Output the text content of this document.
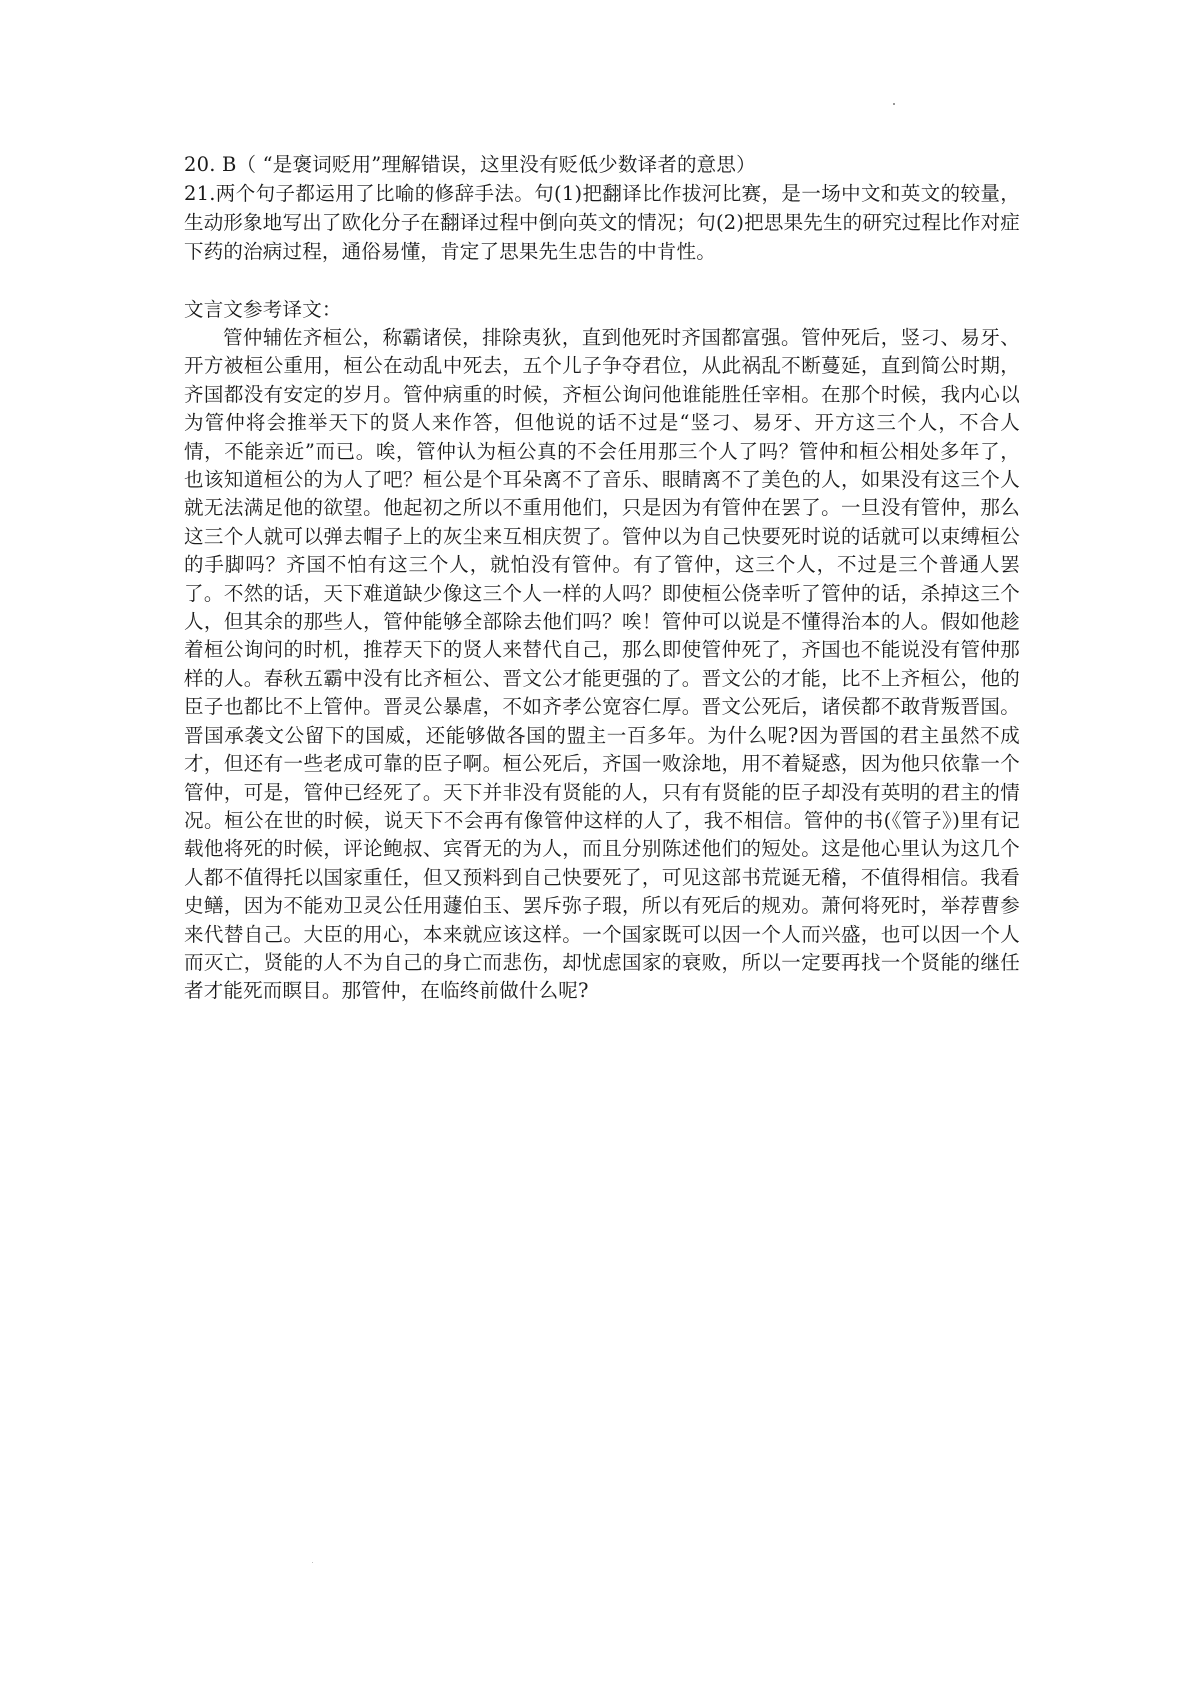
20. B（ “是褒词贬用”理解错误，这里没有贬低少数译者的意思）

21.两个句子都运用了比喻的修辞手法。句(1)把翻译比作拔河比赛，是一场中文和英文的较量，生动形象地写出了欧化分子在翻译过程中倒向英文的情况；句(2)把思果先生的研究过程比作对症下药的治病过程，通俗易懂，肯定了思果先生忠告的中肯性。

文言文参考译文：

管仲辅佐齐桓公，称霸诸侯，排除夷狄，直到他死时齐国都富强。管仲死后，竖刁、易牙、开方被桓公重用，桓公在动乱中死去，五个儿子争夺君位，从此祸乱不断蔓延，直到简公时期，齐国都没有安定的岁月。管仲病重的时候，齐桓公询问他谁能胜任宰相。在那个时候，我内心以为管仲将会推举天下的贤人来作答，但他说的话不过是“竖刁、易牙、开方这三个人，不合人情，不能亲近”而已。唉，管仲认为桓公真的不会任用那三个人了吗？管仲和桓公相处多年了，也该知道桓公的为人了吧？桓公是个耳朵离不了音乐、眼睛离不了美色的人，如果没有这三个人就无法满足他的欲望。他起初之所以不重用他们，只是因为有管仲在罢了。一旦没有管仲，那么这三个人就可以弹去帽子上的灰尘来互相庆贺了。管仲以为自己快要死时说的话就可以束缚桓公的手脚吗？齐国不怕有这三个人，就怕没有管仲。有了管仲，这三个人，不过是三个普通人罢了。不然的话，天下难道缺少像这三个人一样的人吗？即使桓公侥幸听了管仲的话，杀掉这三个人，但其余的那些人，管仲能够全部除去他们吗？唉！管仲可以说是不懂得治本的人。假如他趁着桓公询问的时机，推荐天下的贤人来替代自己，那么即使管仲死了，齐国也不能说没有管仲那样的人。春秋五霸中没有比齐桓公、晋文公才能更强的了。晋文公的才能，比不上齐桓公，他的臣子也都比不上管仲。晋灵公暴虐，不如齐孝公宽容仁厚。晋文公死后，诸侯都不敢背叛晋国。晋国承袭文公留下的国威，还能够做各国的盟主一百多年。为什么呢?因为晋国的君主虽然不成才，但还有一些老成可靠的臣子啊。桓公死后，齐国一败涂地，用不着疑惑，因为他只依靠一个管仲，可是，管仲已经死了。天下并非没有贤能的人，只有有贤能的臣子却没有英明的君主的情况。桓公在世的时候，说天下不会再有像管仲这样的人了，我不相信。管仲的书(《管子》)里有记载他将死的时候，评论鲍叔、宾胥无的为人，而且分别陈述他们的短处。这是他心里认为这几个人都不值得托以国家重任，但又预料到自己快要死了，可见这部书荒诞无稽，不值得相信。我看史鳝，因为不能劝卫灵公任用蘧伯玉、罢斥弥子瑕，所以有死后的规劝。萧何将死时，举荐曹参来代替自己。大臣的用心，本来就应该这样。一个国家既可以因一个人而兴盛，也可以因一个人而灭亡，贤能的人不为自己的身亡而悲伤，却忧虑国家的衰败，所以一定要再找一个贤能的继任者才能死而瞑目。那管仲，在临终前做什么呢?
